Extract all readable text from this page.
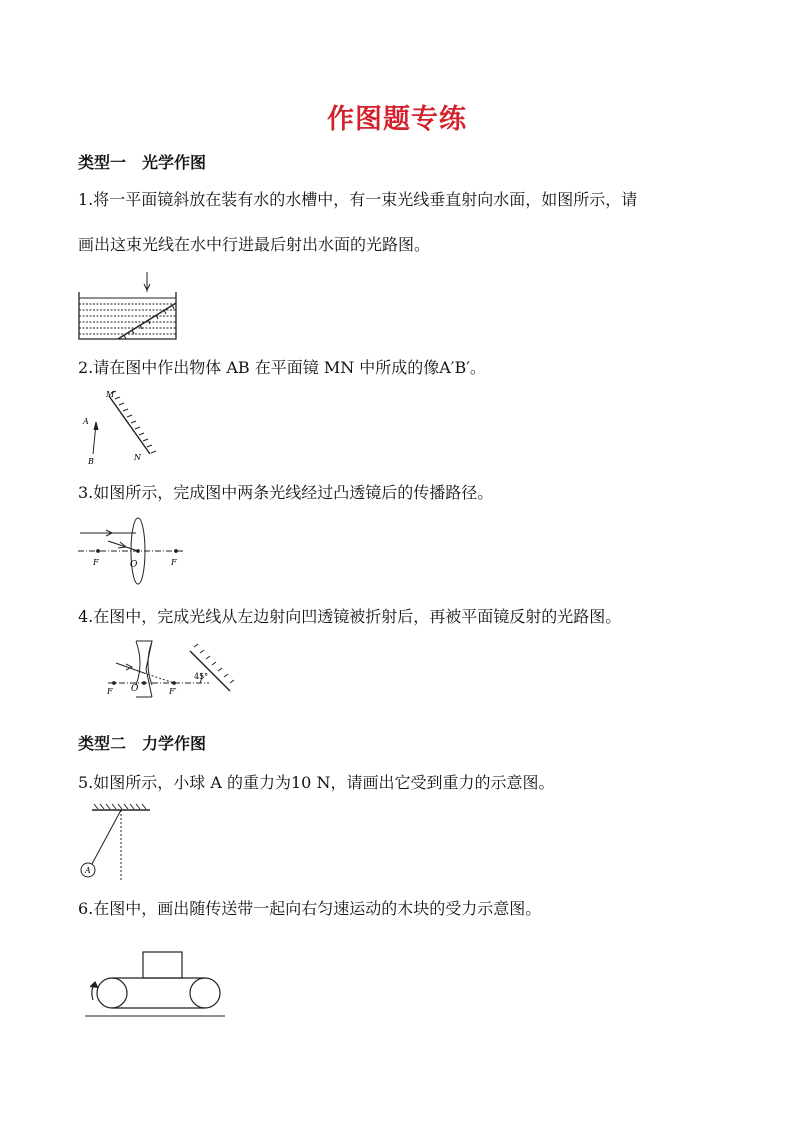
作图题专练
类型一　光学作图
1.将一平面镜斜放在装有水的水槽中，有一束光线垂直射向水面，如图所示，请
画出这束光线在水中行进最后射出水面的光路图。
2.请在图中作出物体 AB 在平面镜 MN 中所成的像A′B′。
M
A
B	N
3.如图所示，完成图中两条光线经过凸透镜后的传播路径。
F	O	F
4.在图中，完成光线从左边射向凹透镜被折射后，再被平面镜反射的光路图。
F O	F′
45°
类型二　力学作图
5.如图所示，小球 A 的重力为10 N，请画出它受到重力的示意图。
A
6.在图中，画出随传送带一起向右匀速运动的木块的受力示意图。
